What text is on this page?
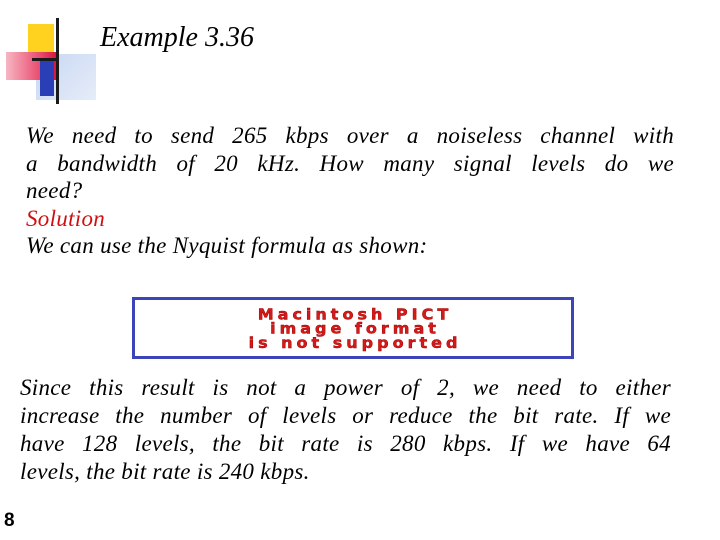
Example 3.36
We need to send 265 kbps over a noiseless channel with
a bandwidth of 20 kHz. How many signal levels do we
need?
Solution
We can use the Nyquist formula as shown:
Macintosh PICT
image format
is not supported
Since this result is not a power of 2, we need to either
increase the number of levels or reduce the bit rate. If we
have 128 levels, the bit rate is 280 kbps. If we have 64
levels, the bit rate is 240 kbps.
8
